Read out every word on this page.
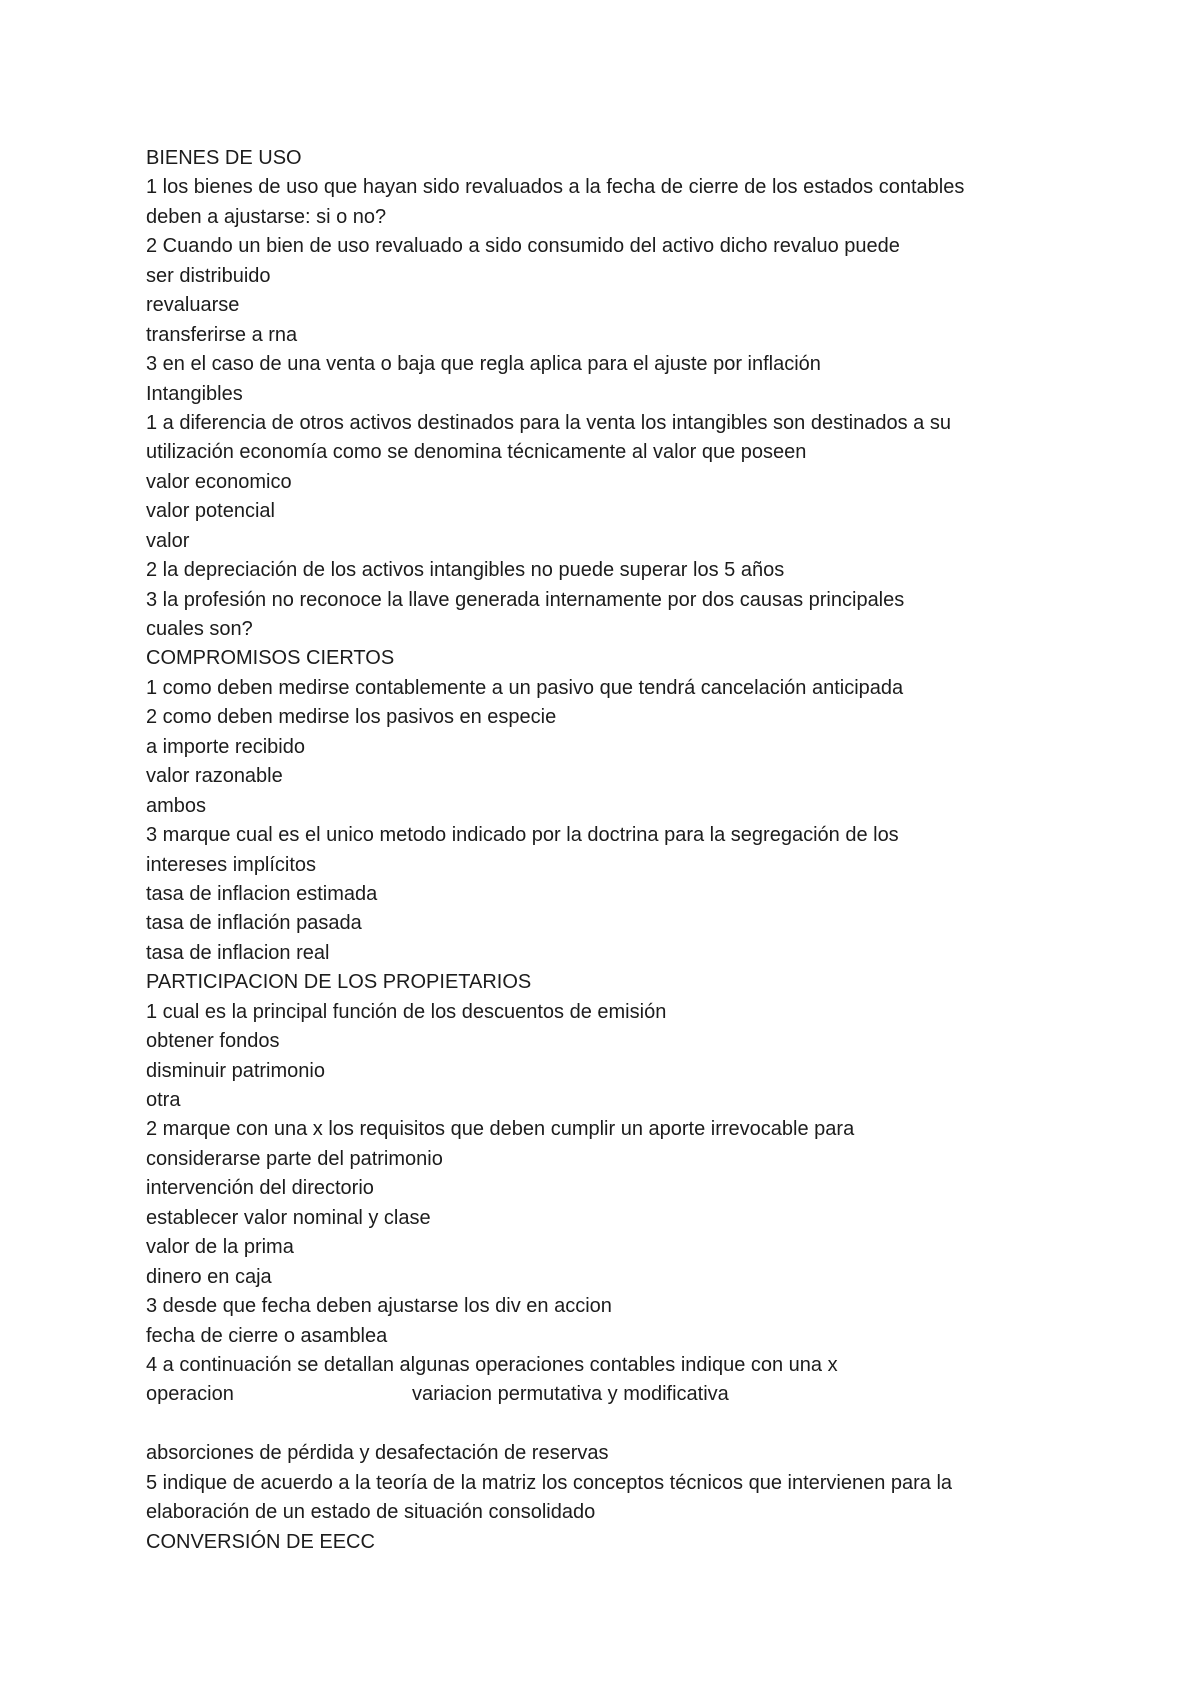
BIENES DE USO
1 los bienes de uso que hayan sido revaluados a la fecha de cierre de los estados contables
deben a ajustarse: si o no?
2 Cuando un bien de uso revaluado a sido consumido del activo dicho revaluo puede
ser distribuido
revaluarse
transferirse a rna
3 en el caso de una venta o baja que regla aplica para el ajuste por inflación
Intangibles
1 a diferencia de otros activos destinados para la venta los intangibles son destinados a su
utilización economía como se denomina técnicamente al valor que poseen
valor economico
valor potencial
valor
2 la depreciación de los activos intangibles no puede superar los 5 años
3 la profesión no reconoce la llave generada internamente por dos causas principales
cuales son?
COMPROMISOS CIERTOS
1 como deben medirse contablemente a un pasivo que tendrá cancelación anticipada
2 como deben medirse los pasivos en especie
a importe recibido
valor razonable
ambos
3 marque cual es el unico metodo indicado por la doctrina para la segregación de los
intereses implícitos
tasa de inflacion estimada
tasa de inflación pasada
tasa de inflacion real
PARTICIPACION DE LOS PROPIETARIOS
1 cual es la principal función de los descuentos de emisión
obtener fondos
disminuir patrimonio
otra
2 marque con una x los requisitos que deben cumplir un aporte irrevocable para
considerarse parte del patrimonio
intervención del directorio
establecer valor nominal y clase
valor de la prima
dinero en caja
3 desde que fecha deben ajustarse los div en accion
fecha de cierre o asamblea
4 a continuación se detallan algunas operaciones contables indique con una x
operacion	variacion permutativa y modificativa
absorciones de pérdida y desafectación de reservas
5 indique de acuerdo a la teoría de la matriz los conceptos técnicos que intervienen para la
elaboración de un estado de situación consolidado
CONVERSIÓN DE EECC
